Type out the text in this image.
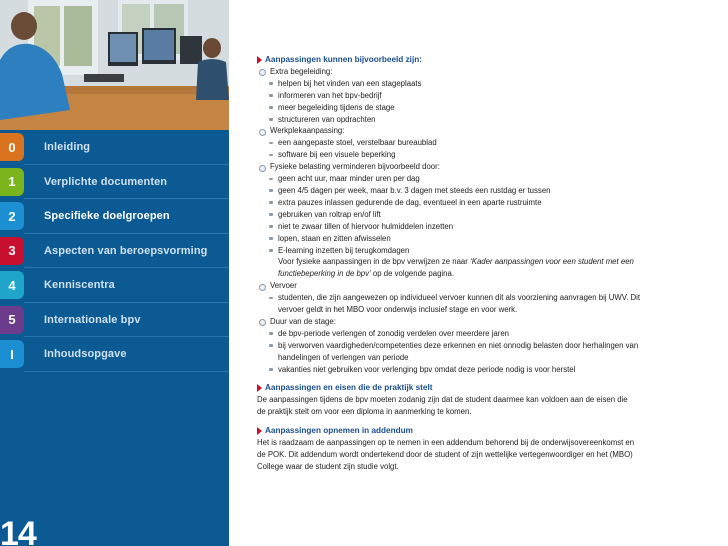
0	Inleiding
1	Verplichte documenten
2	Specifieke doelgroepen
3	Aspecten van beroepsvorming
4	Kenniscentra
5	Internationale bpv
I	Inhoudsopgave
14
Aanpassingen kunnen bijvoorbeeld zijn:
Extra begeleiding:
helpen bij het vinden van een stageplaats
informeren van het bpv-bedrijf
meer begeleiding tijdens de stage
structureren van opdrachten
Werkplekaanpassing:
een aangepaste stoel, verstelbaar bureaublad
software bij een visuele beperking
Fysieke belasting verminderen bijvoorbeeld door:
geen acht uur, maar minder uren per dag
geen 4/5 dagen per week, maar b.v. 3 dagen met steeds een rustdag er tussen
extra pauzes inlassen gedurende de dag, eventueel in een aparte rustruimte
gebruiken van roltrap en/of lift
niet te zwaar tillen of hiervoor hulmiddelen inzetten
lopen, staan en zitten afwisselen
E-learning inzetten bij terugkomdagen
Voor fysieke aanpassingen in de bpv verwijzen ze naar ‘Kader aanpassingen voor een student met een
functiebeperking in de bpv’ op de volgende pagina.
Vervoer
studenten, die zijn aangewezen op individueel vervoer kunnen dit als voorziening aanvragen bij UWV. Dit
vervoer geldt in het MBO voor onderwijs inclusief stage en voor werk.
Duur van de stage:
de bpv-periode verlengen of zonodig verdelen over meerdere jaren
bij verworven vaardigheden/competenties deze erkennen en niet onnodig belasten door herhalingen van
handelingen of verlengen van periode
vakanties niet gebruiken voor verlenging bpv omdat deze periode nodig is voor herstel
Aanpassingen en eisen die de praktijk stelt
De aanpassingen tijdens de bpv moeten zodanig zijn dat de student daarmee kan voldoen aan de eisen die
de praktijk stelt om voor een diploma in aanmerking te komen.
Aanpassingen opnemen in addendum
Het is raadzaam de aanpassingen op te nemen in een addendum behorend bij de onderwijsovereenkomst en
de POK. Dit addendum wordt ondertekend door de student of zijn wettelijke vertegenwoordiger en het (MBO)
College waar de student zijn studie volgt.
